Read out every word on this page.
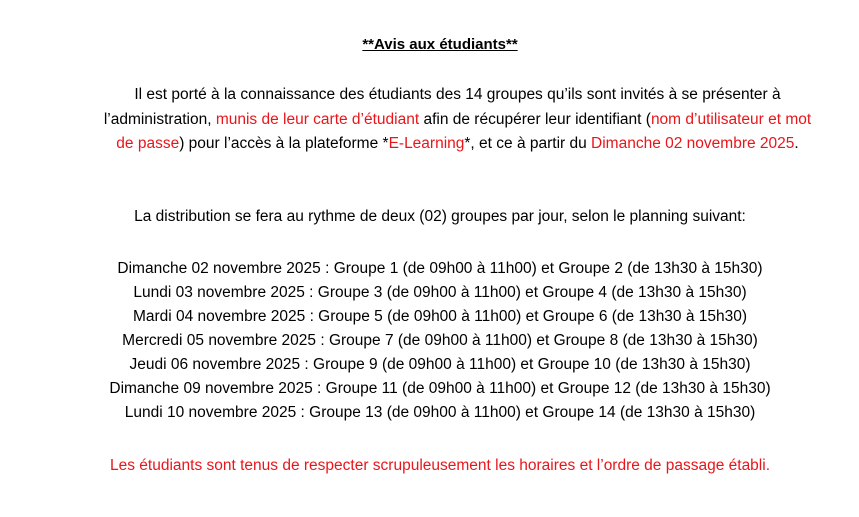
**Avis aux étudiants**
Il est porté à la connaissance des étudiants des 14 groupes qu’ils sont invités à se présenter à l’administration, munis de leur carte d’étudiant afin de récupérer leur identifiant (nom d’utilisateur et mot de passe) pour l’accès à la plateforme *E-Learning*, et ce à partir du Dimanche 02 novembre 2025.
La distribution se fera au rythme de deux (02) groupes par jour, selon le planning suivant:
Dimanche 02 novembre 2025 : Groupe 1 (de 09h00 à 11h00) et Groupe 2 (de 13h30 à 15h30)
Lundi 03 novembre 2025 : Groupe 3 (de 09h00 à 11h00) et Groupe 4 (de 13h30 à 15h30)
Mardi 04 novembre 2025 : Groupe 5 (de 09h00 à 11h00) et Groupe 6 (de 13h30 à 15h30)
Mercredi 05 novembre 2025 : Groupe 7 (de 09h00 à 11h00) et Groupe 8 (de 13h30 à 15h30)
Jeudi 06 novembre 2025 : Groupe 9 (de 09h00 à 11h00) et Groupe 10 (de 13h30 à 15h30)
Dimanche 09 novembre 2025 : Groupe 11 (de 09h00 à 11h00) et Groupe 12 (de 13h30 à 15h30)
Lundi 10 novembre 2025 : Groupe 13 (de 09h00 à 11h00) et Groupe 14 (de 13h30 à 15h30)
Les étudiants sont tenus de respecter scrupuleusement les horaires et l’ordre de passage établi.
